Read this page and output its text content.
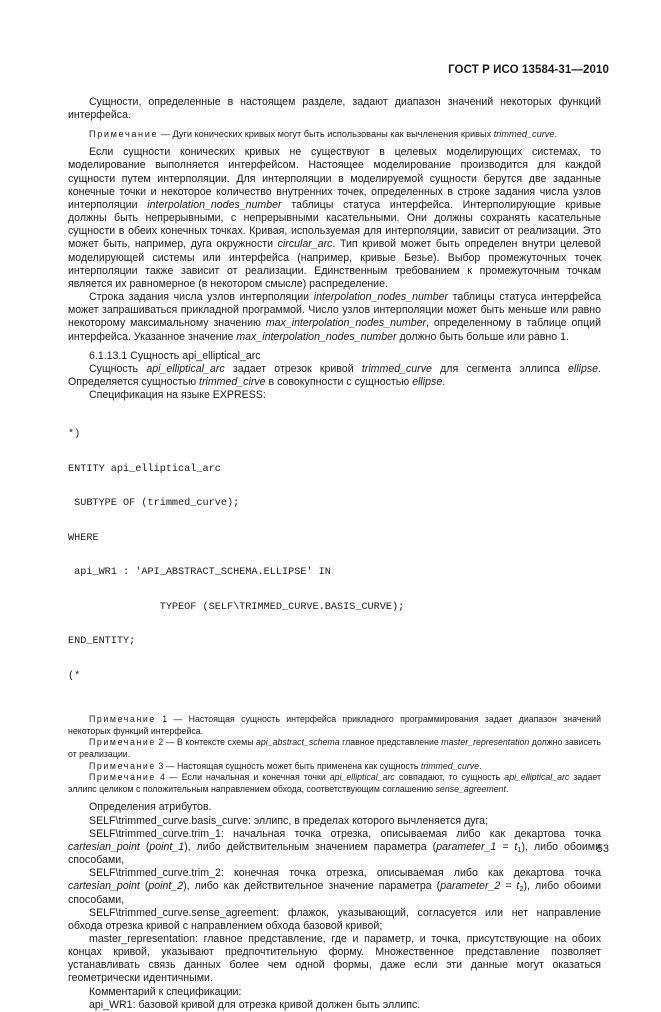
ГОСТ Р ИСО 13584-31—2010

Сущности, определенные в настоящем разделе, задают диапазон значений некоторых функций интерфейса.

Примечание — Дуги конических кривых могут быть использованы как вычленения кривых trimmed_curve.

Если сущности конических кривых не существуют в целевых моделирующих системах, то моделирование выполняется интерфейсом. Настоящее моделирование производится для каждой сущности путем интерполяции. Для интерполяции в моделируемой сущности берутся две заданные конечные точки и некоторое количество внутренних точек, определенных в строке задания числа узлов интерполяции interpolation_nodes_number таблицы статуса интерфейса. Интерполирующие кривые должны быть непрерывными, с непрерывными касательными. Они должны сохранять касательные сущности в обеих конечных точках. Кривая, используемая для интерполяции, зависит от реализации. Это может быть, например, дуга окружности circular_arc. Тип кривой может быть определен внутри целевой моделирующей системы или интерфейса (например, кривые Безье). Выбор промежуточных точек интерполяции также зависит от реализации. Единственным требованием к промежуточным точкам является их равномерное (в некотором смысле) распределение.

Строка задания числа узлов интерполяции interpolation_nodes_number таблицы статуса интерфейса может запрашиваться прикладной программой. Число узлов интерполяции может быть меньше или равно некоторому максимальному значению max_interpolation_nodes_number, определенному в таблице опций интерфейса. Указанное значение max_interpolation_nodes_number должно быть больше или равно 1.

6.1.13.1 Сущность api_elliptical_arc

Сущность api_elliptical_arc задает отрезок кривой trimmed_curve для сегмента эллипса ellipse. Определяется сущностью trimmed_cirve в совокупности с сущностью ellipse.

Спецификация на языке EXPRESS:

*)

ENTITY api_elliptical_arc

SUBTYPE OF (trimmed_curve);

WHERE

api_WR1 : 'API_ABSTRACT_SCHEMA.ELLIPSE' IN

TYPEOF (SELF\TRIMMED_CURVE.BASIS_CURVE);

END_ENTITY;

(*

Примечание 1 — Настоящая сущность интерфейса прикладного программирования задает диапазон значений некоторых функций интерфейса.

Примечание 2 — В контексте схемы api_abstract_schema главное представление master_representation должно зависеть от реализации.

Примечание 3 — Настоящая сущность может быть применена как сущность trimmed_curve.

Примечание 4 — Если начальная и конечная точки api_elliptical_arc совпадают, то сущность api_elliptical_arc задает эллипс целиком с положительным направлением обхода, соответствующим соглашению sense_agreement.

Определения атрибутов.

SELF\trimmed_curve.basis_curve: эллипс, в пределах которого вычленяется дуга;

SELF\trimmed_curve.trim_1: начальная точка отрезка, описываемая либо как декартова точка cartesian_point (point_1), либо действительным значением параметра (parameter_1 = $t_1$), либо обоими способами,

SELF\trimmed_curve.trim_2: конечная точка отрезка, описываемая либо как декартова точка cartesian_point (point_2), либо как действительное значение параметра (parameter_2 = $t_2$), либо обоими способами,

SELF\trimmed_curve.sense_agreement: флажок, указывающий, согласуется или нет направление обхода отрезка кривой с направлением обхода базовой кривой;

master_representation: главное представление, где и параметр, и точка, присутствующие на обоих концах кривой, указывают предпочтительную форму. Множественное представление позволяет устанавливать связь данных более чем одной формы, даже если эти данные могут оказаться геометрически идентичными.

Комментарий к спецификации:

api_WR1: базовой кривой для отрезка кривой должен быть эллипс.

53
